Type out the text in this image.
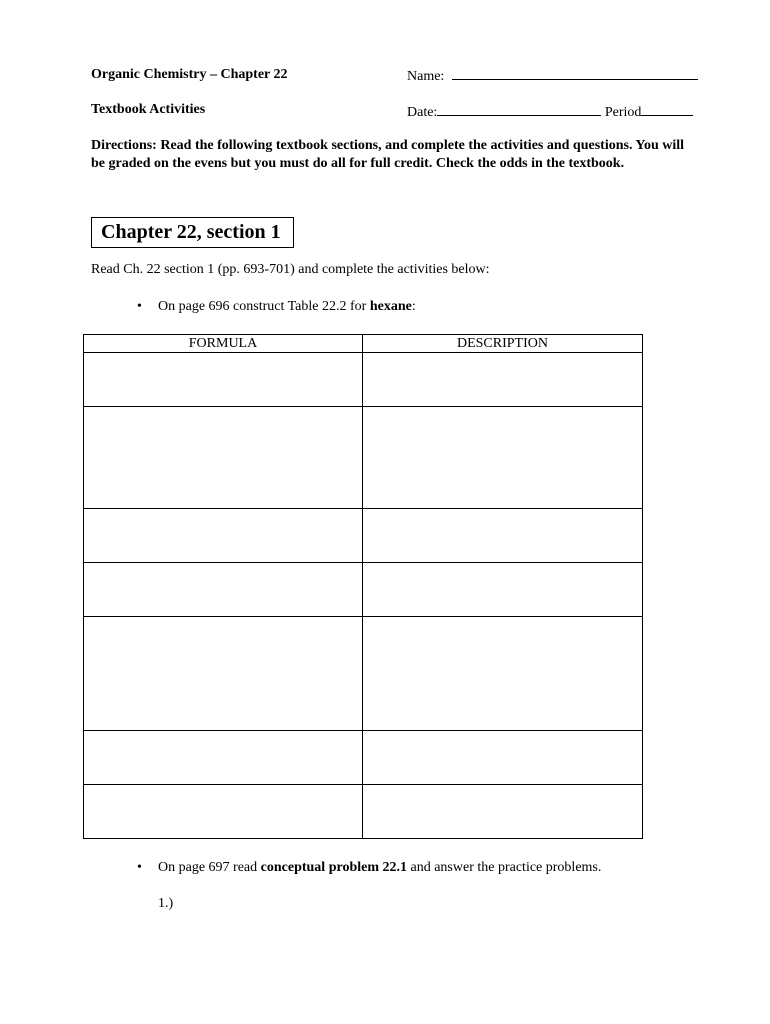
Organic Chemistry – Chapter 22
Textbook Activities
Name:
Date:	Period
Directions: Read the following textbook sections, and complete the activities and questions. You will be graded on the evens but you must do all for full credit. Check the odds in the textbook.
Chapter 22, section 1
Read Ch. 22 section 1 (pp. 693-701) and complete the activities below:
• On page 696 construct Table 22.2 for hexane:
FORMULA	DESCRIPTION

• On page 697 read conceptual problem 22.1 and answer the practice problems.
1.)
